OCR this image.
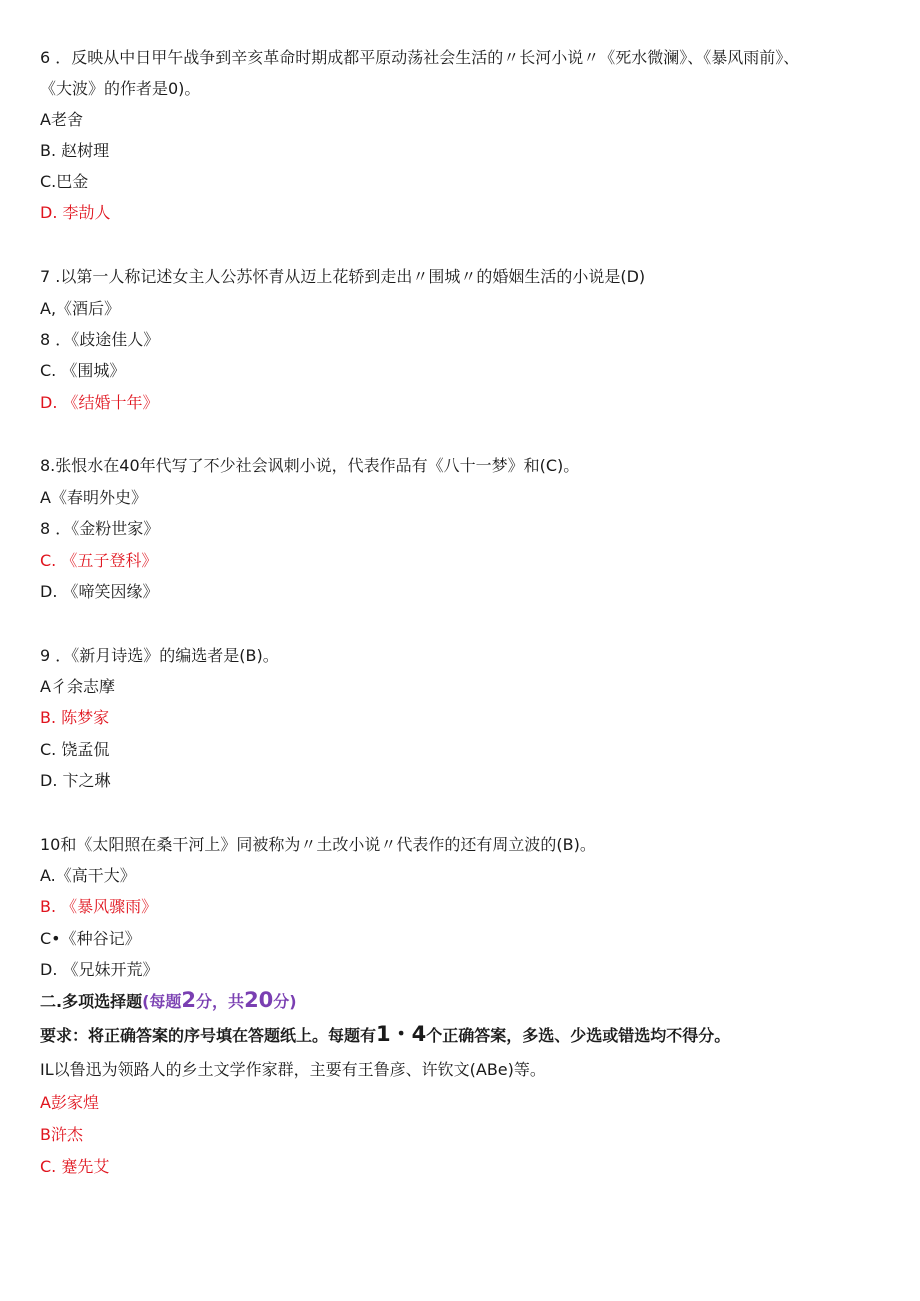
6 ．反映从中日甲午战争到辛亥革命时期成都平原动荡社会生活的〃长河小说〃《死水微澜》、《暴风雨前》、
《大波》的作者是0)。
A老舍
B. 赵树理
C.巴金
D. 李劼人
7 .以第一人称记述女主人公苏怀青从迈上花轿到走出〃围城〃的婚姻生活的小说是(D)
A,《酒后》
8 ．《歧途佳人》
C. 《围城》
D. 《结婚十年》
8.张恨水在40年代写了不少社会讽刺小说，代表作品有《八十一梦》和(C)。
A《春明外史》
8 ．《金粉世家》
C. 《五子登科》
D. 《啼笑因缘》
9 ．《新月诗选》的编选者是(B)。
A彳余志摩
B. 陈梦家
C. 饶孟侃
D. 卞之琳
10和《太阳照在桑干河上》同被称为〃土改小说〃代表作的还有周立波的(B)。
A.《高干大》
B. 《暴风骤雨》
C•《种谷记》
D. 《兄妹开荒》
二.多项选择题(每题2分，共20分)
要求：将正确答案的序号填在答题纸上。每题有1・4个正确答案，多选、少选或错选均不得分。
IL以鲁迅为领路人的乡土文学作家群，主要有王鲁彦、许钦文(ABe)等。
A彭家煌
B浒杰
C. 蹇先艾
